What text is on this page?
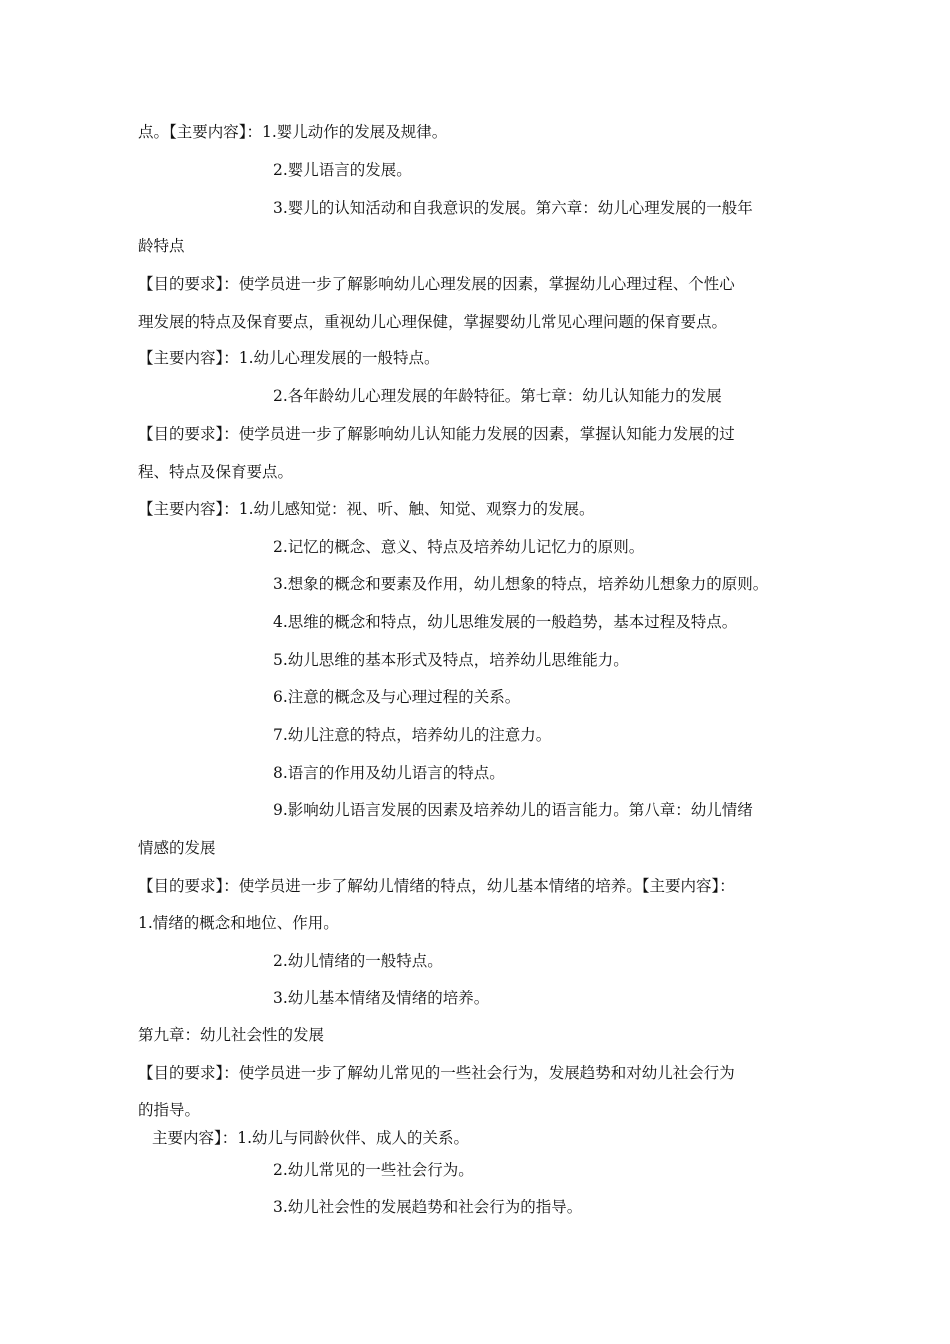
点。【主要内容】：1.婴儿动作的发展及规律。

2.婴儿语言的发展。

3.婴儿的认知活动和自我意识的发展。第六章：幼儿心理发展的一般年

龄特点

【目的要求】：使学员进一步了解影响幼儿心理发展的因素，掌握幼儿心理过程、个性心

理发展的特点及保育要点，重视幼儿心理保健，掌握婴幼儿常见心理问题的保育要点。

【主要内容】：1.幼儿心理发展的一般特点。

2.各年龄幼儿心理发展的年龄特征。第七章：幼儿认知能力的发展

【目的要求】：使学员进一步了解影响幼儿认知能力发展的因素，掌握认知能力发展的过

程、特点及保育要点。

【主要内容】：1.幼儿感知觉：视、听、触、知觉、观察力的发展。

2.记忆的概念、意义、特点及培养幼儿记忆力的原则。

3.想象的概念和要素及作用，幼儿想象的特点，培养幼儿想象力的原则。

4.思维的概念和特点，幼儿思维发展的一般趋势，基本过程及特点。

5.幼儿思维的基本形式及特点，培养幼儿思维能力。

6.注意的概念及与心理过程的关系。

7.幼儿注意的特点，培养幼儿的注意力。

8.语言的作用及幼儿语言的特点。

9.影响幼儿语言发展的因素及培养幼儿的语言能力。第八章：幼儿情绪

情感的发展

【目的要求】：使学员进一步了解幼儿情绪的特点，幼儿基本情绪的培养。【主要内容】：

1.情绪的概念和地位、作用。

2.幼儿情绪的一般特点。

3.幼儿基本情绪及情绪的培养。

第九章：幼儿社会性的发展

【目的要求】：使学员进一步了解幼儿常见的一些社会行为，发展趋势和对幼儿社会行为

的指导。

主要内容】：1.幼儿与同龄伙伴、成人的关系。

2.幼儿常见的一些社会行为。

3.幼儿社会性的发展趋势和社会行为的指导。
